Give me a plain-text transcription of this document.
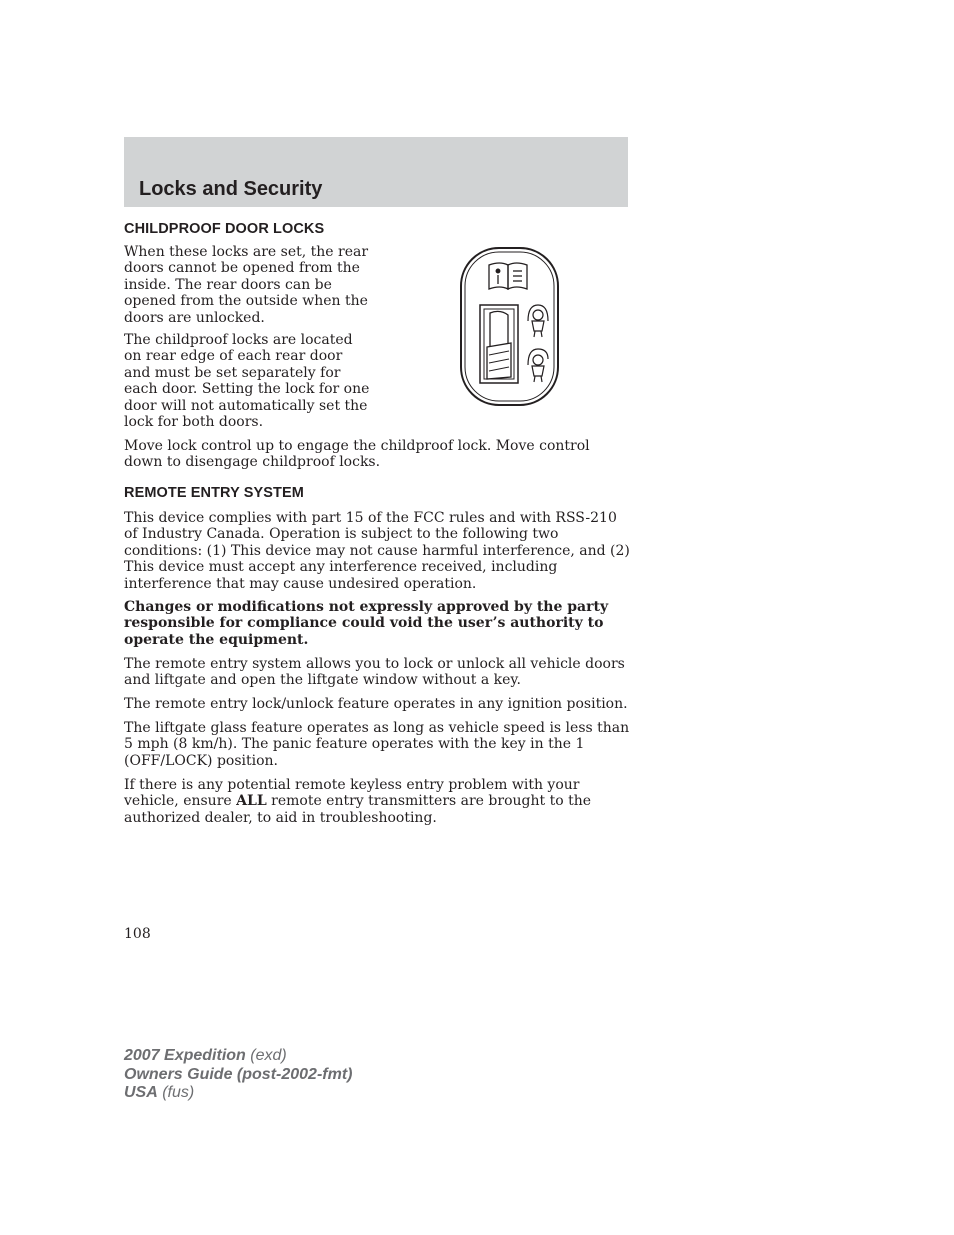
Locks and Security
CHILDPROOF DOOR LOCKS

When these locks are set, the rear doors cannot be opened from the inside. The rear doors can be opened from the outside when the doors are unlocked.

The childproof locks are located on rear edge of each rear door and must be set separately for each door. Setting the lock for one door will not automatically set the lock for both doors.

Move lock control up to engage the childproof lock. Move control down to disengage childproof locks.

REMOTE ENTRY SYSTEM

This device complies with part 15 of the FCC rules and with RSS-210 of Industry Canada. Operation is subject to the following two conditions: (1) This device may not cause harmful interference, and (2) This device must accept any interference received, including interference that may cause undesired operation.

Changes or modifications not expressly approved by the party responsible for compliance could void the user’s authority to operate the equipment.

The remote entry system allows you to lock or unlock all vehicle doors and liftgate and open the liftgate window without a key.

The remote entry lock/unlock feature operates in any ignition position.

The liftgate glass feature operates as long as vehicle speed is less than 5 mph (8 km/h). The panic feature operates with the key in the 1 (OFF/LOCK) position.

If there is any potential remote keyless entry problem with your vehicle, ensure ALL remote entry transmitters are brought to the authorized dealer, to aid in troubleshooting.

108
2007 Expedition (exd)
Owners Guide (post-2002-fmt)
USA (fus)
